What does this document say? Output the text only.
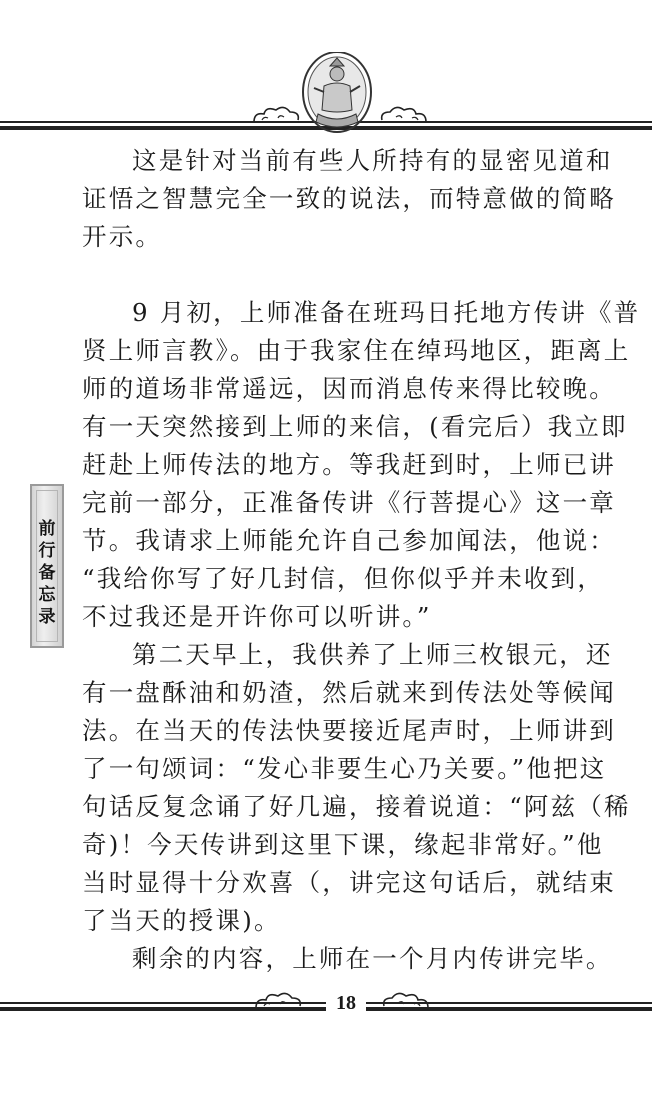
这是针对当前有些人所持有的显密见道和
证悟之智慧完全一致的说法，而特意做的简略
开示。
9 月初，上师准备在班玛日托地方传讲《普
贤上师言教》。由于我家住在绰玛地区，距离上
师的道场非常遥远，因而消息传来得比较晚。
有一天突然接到上师的来信，(看完后）我立即
赶赴上师传法的地方。等我赶到时，上师已讲
完前一部分，正准备传讲《行菩提心》这一章
节。我请求上师能允许自己参加闻法，他说：
“我给你写了好几封信，但你似乎并未收到，
不过我还是开许你可以听讲。”
第二天早上，我供养了上师三枚银元，还
有一盘酥油和奶渣，然后就来到传法处等候闻
法。在当天的传法快要接近尾声时，上师讲到
了一句颂词：“发心非要生心乃关要。”他把这
句话反复念诵了好几遍，接着说道：“阿兹（稀
奇)！今天传讲到这里下课，缘起非常好。”他
当时显得十分欢喜（，讲完这句话后，就结束
了当天的授课)。
剩余的内容，上师在一个月内传讲完毕。
前
行
备
忘
录
18
